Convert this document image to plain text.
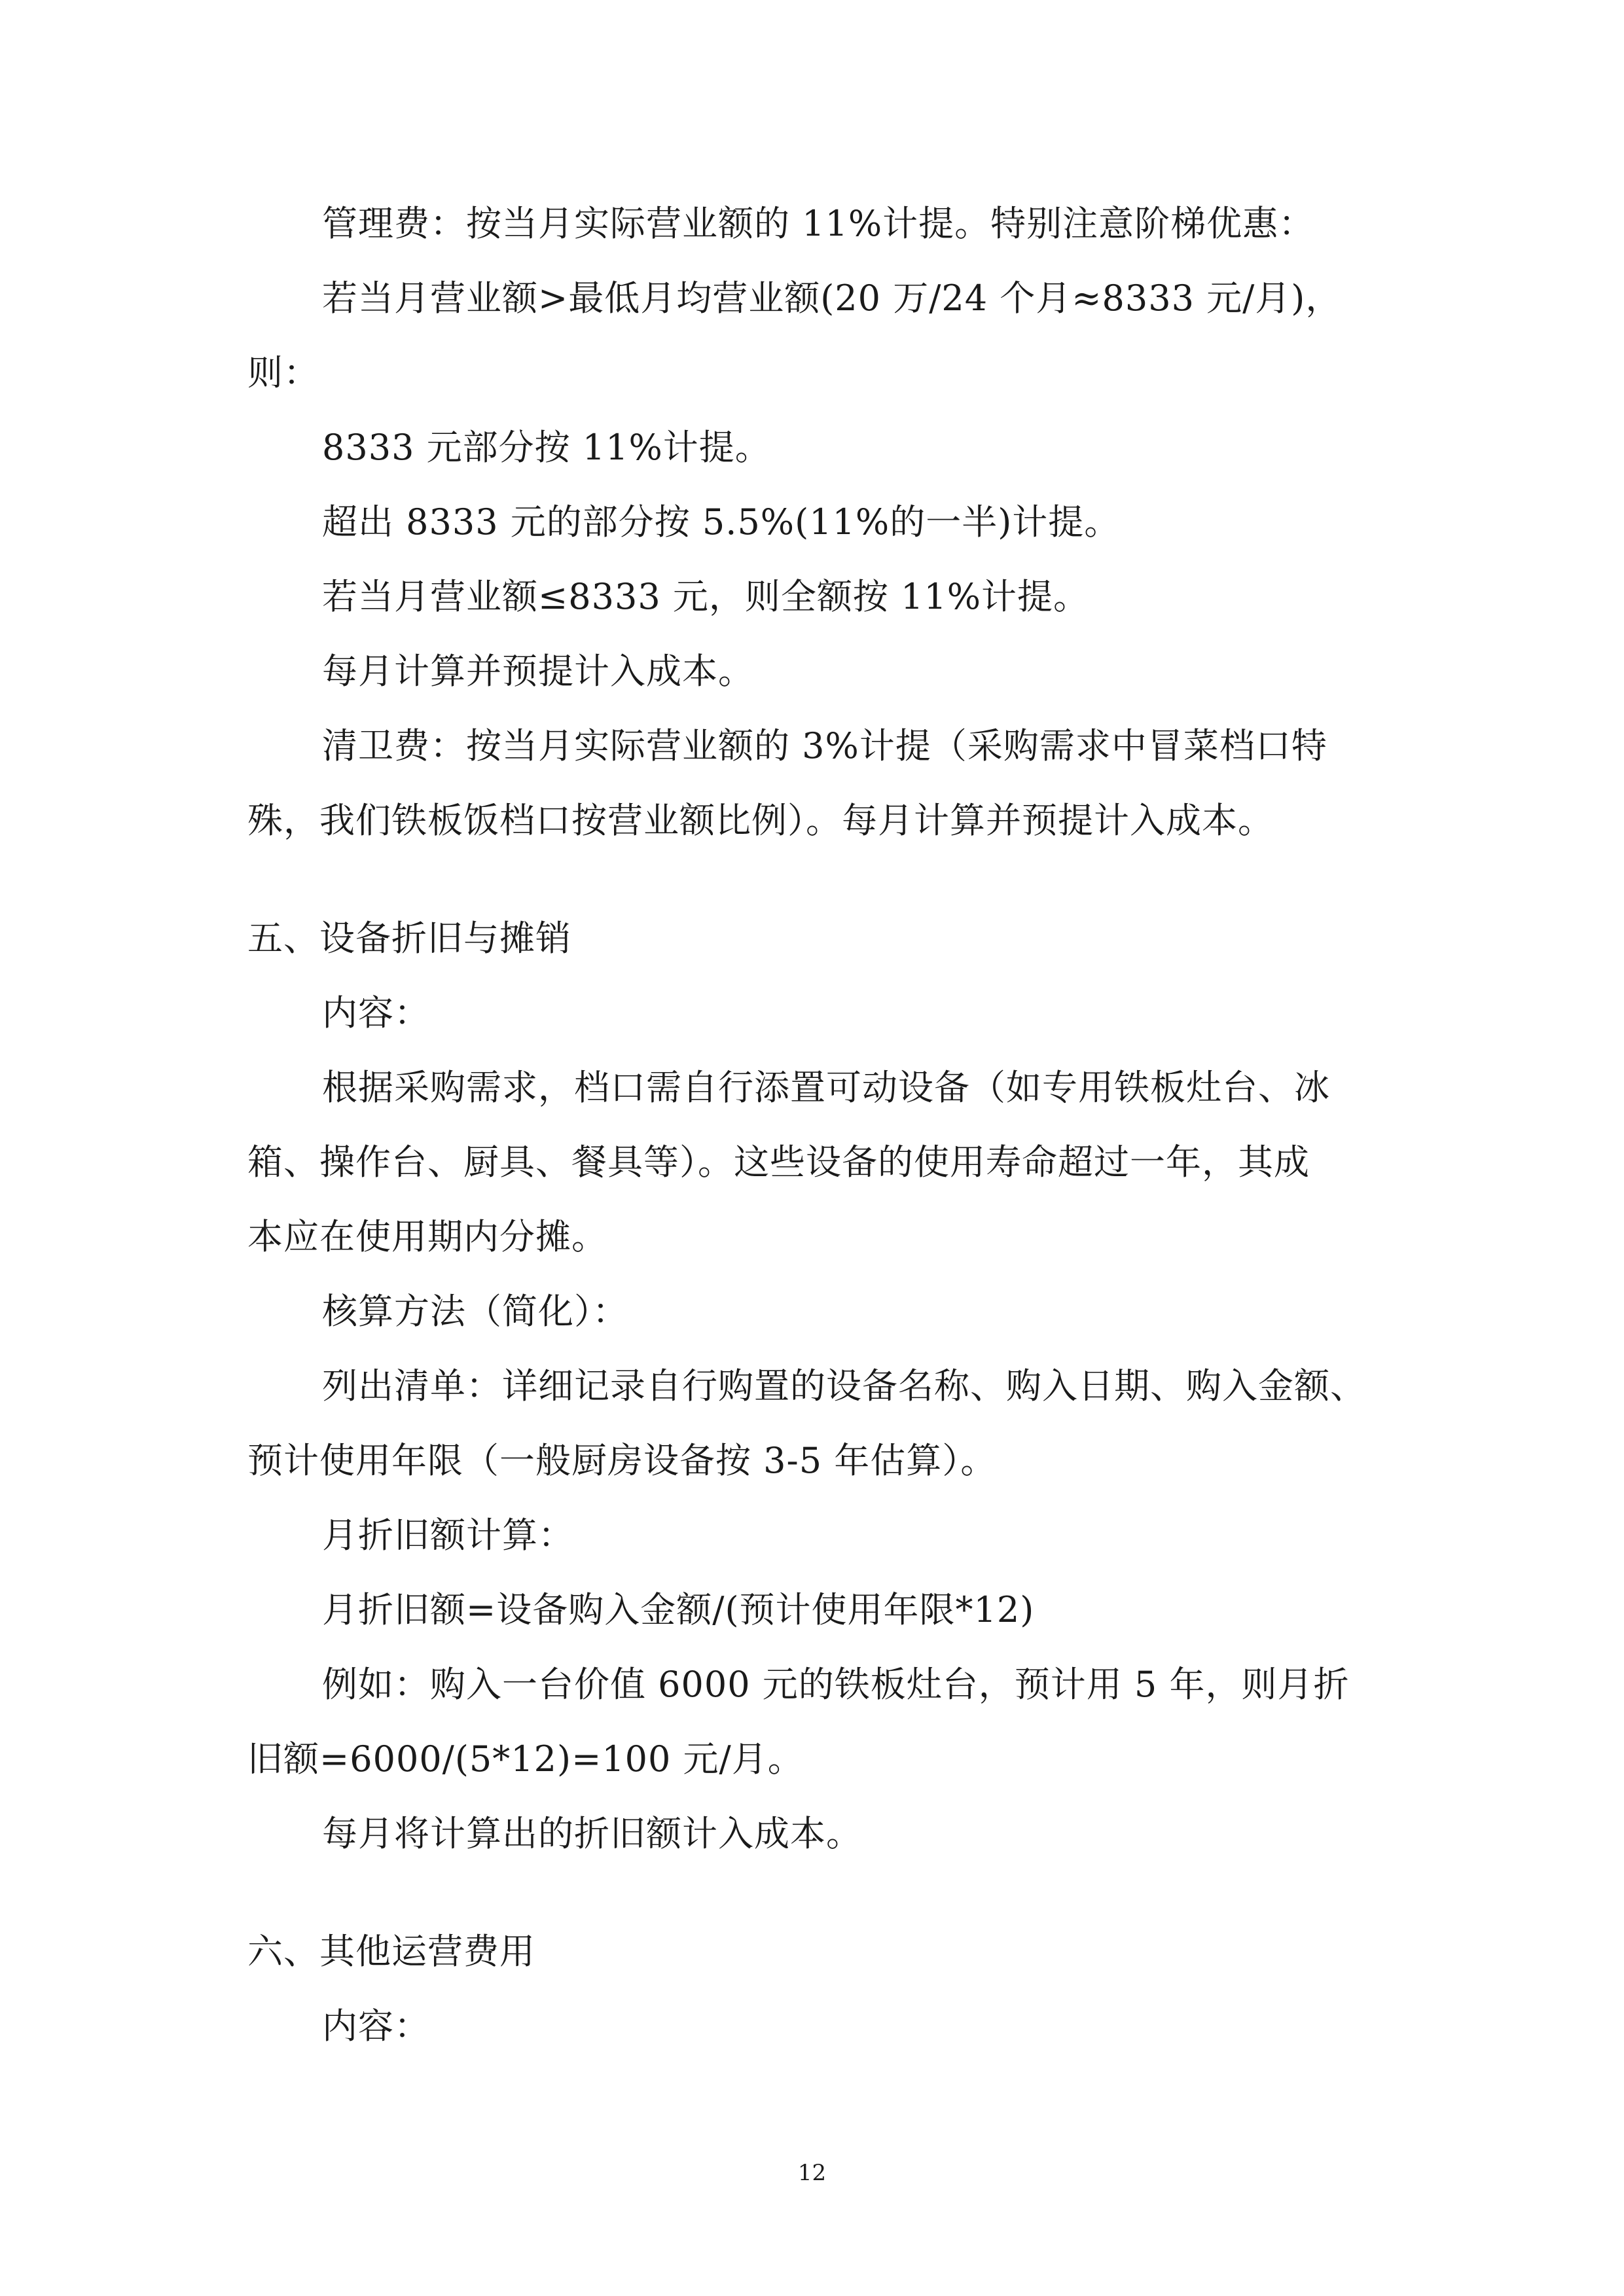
管理费：按当月实际营业额的 11%计提。特别注意阶梯优惠：
若当月营业额>最低月均营业额(20 万/24 个月≈8333 元/月)，
则：
8333 元部分按 11%计提。
超出 8333 元的部分按 5.5%(11%的一半)计提。
若当月营业额≤8333 元，则全额按 11%计提。
每月计算并预提计入成本。
清卫费：按当月实际营业额的 3%计提（采购需求中冒菜档口特
殊，我们铁板饭档口按营业额比例）。每月计算并预提计入成本。
五、设备折旧与摊销
内容：
根据采购需求，档口需自行添置可动设备（如专用铁板灶台、冰
箱、操作台、厨具、餐具等）。这些设备的使用寿命超过一年，其成
本应在使用期内分摊。
核算方法（简化）：
列出清单：详细记录自行购置的设备名称、购入日期、购入金额、
预计使用年限（一般厨房设备按 3-5 年估算）。
月折旧额计算：
月折旧额=设备购入金额/(预计使用年限*12)
例如：购入一台价值 6000 元的铁板灶台，预计用 5 年，则月折
旧额=6000/(5*12)=100 元/月。
每月将计算出的折旧额计入成本。
六、其他运营费用
内容：
12
